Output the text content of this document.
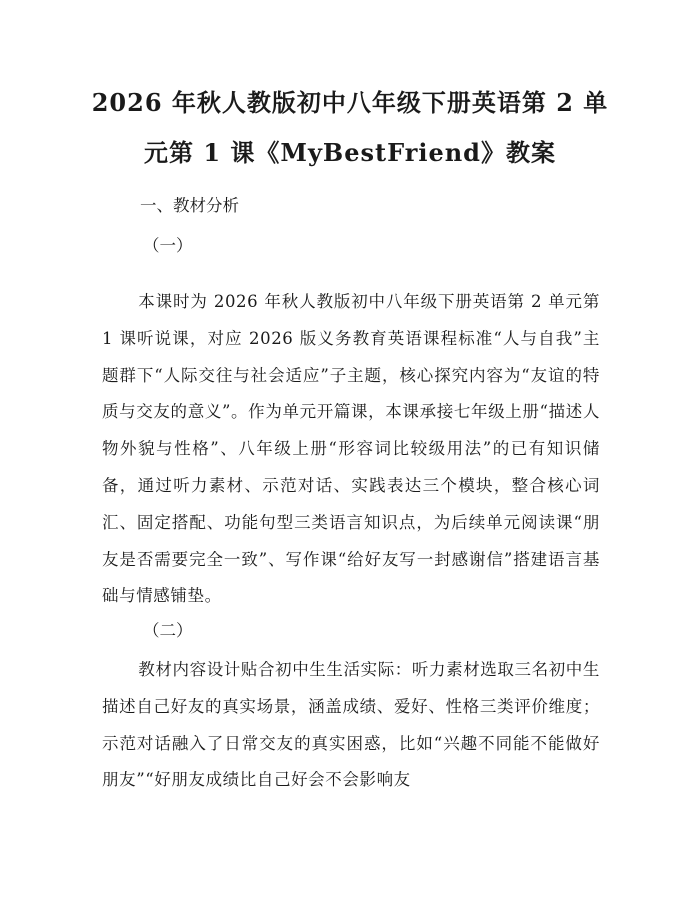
2026 年秋人教版初中八年级下册英语第 2 单
元第 1 课《MyBestFriend》教案
一、教材分析
（一）

本课时为 2026 年秋人教版初中八年级下册英语第 2 单元第 1 课听说课，对应 2026 版义务教育英语课程标准“人与自我”主题群下“人际交往与社会适应”子主题，核心探究内容为“友谊的特质与交友的意义”。作为单元开篇课，本课承接七年级上册“描述人物外貌与性格”、八年级上册“形容词比较级用法”的已有知识储备，通过听力素材、示范对话、实践表达三个模块，整合核心词汇、固定搭配、功能句型三类语言知识点，为后续单元阅读课“朋友是否需要完全一致”、写作课“给好友写一封感谢信”搭建语言基础与情感铺垫。

（二）

教材内容设计贴合初中生生活实际：听力素材选取三名初中生描述自己好友的真实场景，涵盖成绩、爱好、性格三类评价维度；示范对话融入了日常交友的真实困惑，比如“兴趣不同能不能做好朋友”“好朋友成绩比自己好会不会影响友
